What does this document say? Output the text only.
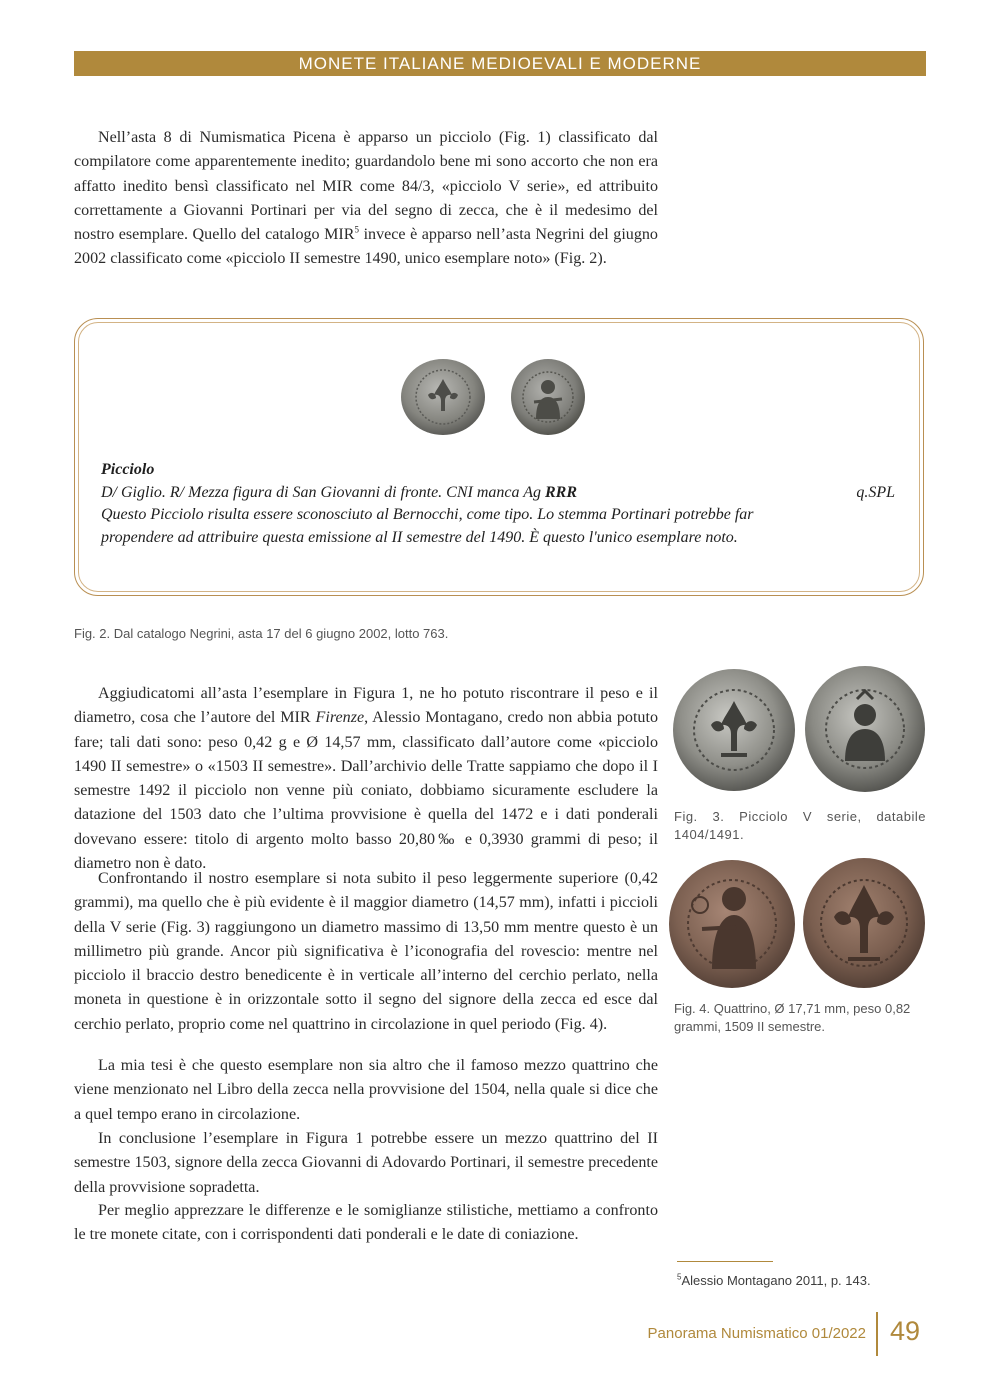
MONETE ITALIANE MEDIOEVALI E MODERNE

Nell’asta 8 di Numismatica Picena è apparso un picciolo (Fig. 1) classificato dal compilatore come apparentemente inedito; guardandolo bene mi sono accorto che non era affatto inedito bensì classificato nel MIR come 84/3, «picciolo V serie», ed attribuito correttamente a Giovanni Portinari per via del segno di zecca, che è il medesimo del nostro esemplare. Quello del catalogo MIR$^5$ invece è apparso nell’asta Negrini del giugno 2002 classificato come «picciolo II semestre 1490, unico esemplare noto» (Fig. 2).

Picciolo
D/ Giglio. R/ Mezza figura di San Giovanni di fronte. CNI manca Ag RRR	q.SPL
Questo Picciolo risulta essere sconosciuto al Bernocchi, come tipo. Lo stemma Portinari potrebbe far propendere ad attribuire questa emissione al II semestre del 1490. È questo l'unico esemplare noto.

Fig. 2. Dal catalogo Negrini, asta 17 del 6 giugno 2002, lotto 763.

Aggiudicatomi all’asta l’esemplare in Figura 1, ne ho potuto riscontrare il peso e il diametro, cosa che l’autore del MIR Firenze, Alessio Montagano, credo non abbia potuto fare; tali dati sono: peso 0,42 g e Ø 14,57 mm, classificato dall’autore come «picciolo 1490 II semestre» o «1503 II semestre». Dall’archivio delle Tratte sappiamo che dopo il I semestre 1492 il picciolo non venne più coniato, dobbiamo sicuramente escludere la datazione del 1503 dato che l’ultima provvisione è quella del 1472 e i dati ponderali dovevano essere: titolo di argento molto basso 20,80‰ e 0,3930 grammi di peso; il diametro non è dato.

Confrontando il nostro esemplare si nota subito il peso leggermente superiore (0,42 grammi), ma quello che è più evidente è il maggior diametro (14,57 mm), infatti i piccioli della V serie (Fig. 3) raggiungono un diametro massimo di 13,50 mm mentre questo è un millimetro più grande. Ancor più significativa è l’iconografia del rovescio: mentre nel picciolo il braccio destro benedicente è in verticale all’interno del cerchio perlato, nella moneta in questione è in orizzontale sotto il segno del signore della zecca ed esce dal cerchio perlato, proprio come nel quattrino in circolazione in quel periodo (Fig. 4).

La mia tesi è che questo esemplare non sia altro che il famoso mezzo quattrino che viene menzionato nel Libro della zecca nella provvisione del 1504, nella quale si dice che a quel tempo erano in circolazione.

In conclusione l’esemplare in Figura 1 potrebbe essere un mezzo quattrino del II semestre 1503, signore della zecca Giovanni di Adovardo Portinari, il semestre precedente della provvisione sopradetta.

Per meglio apprezzare le differenze e le somiglianze stilistiche, mettiamo a confronto le tre monete citate, con i corrispondenti dati ponderali e le date di coniazione.

Fig. 3. Picciolo V serie, databile 1404/1491.

Fig. 4. Quattrino, Ø 17,71 mm, peso 0,82 grammi, 1509 II semestre.

$^5$Alessio Montagano 2011, p. 143.

Panorama Numismatico 01/2022 49
